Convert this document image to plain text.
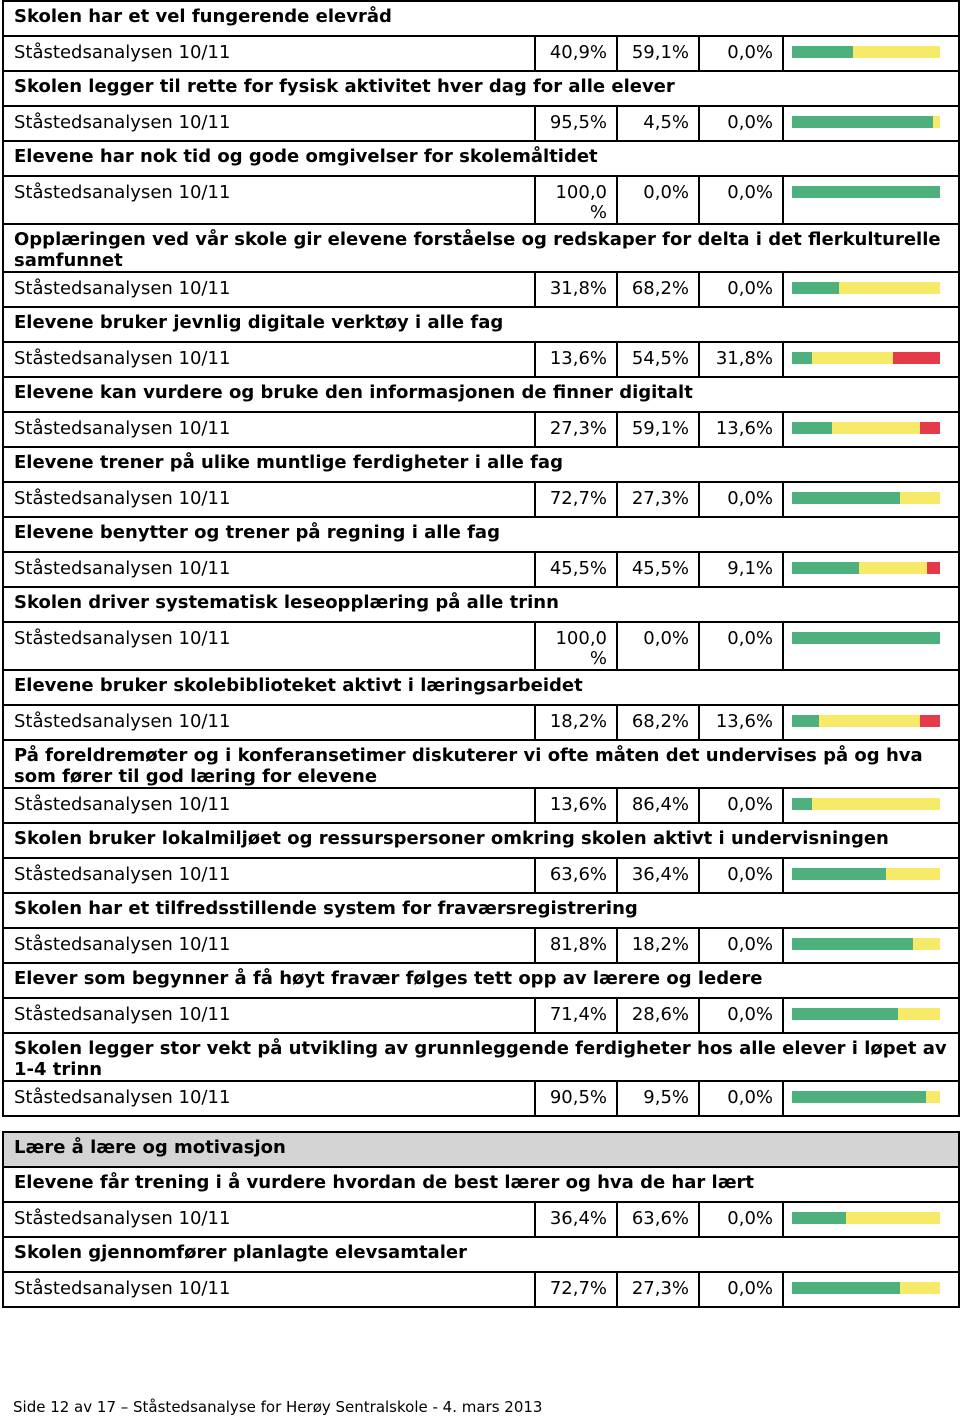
Skolen har et vel fungerende elevråd				
Ståstedsanalysen 10/11	40,9%	59,1%	0,0%	

Skolen legger til rette for fysisk aktivitet hver dag for alle elever				
Ståstedsanalysen 10/11	95,5%	4,5%	0,0%	

Elevene har nok tid og gode omgivelser for skolemåltidet				
Ståstedsanalysen 10/11	100,0 %	0,0%	0,0%	

Opplæringen ved vår skole gir elevene forståelse og redskaper for delta i det flerkulturelle samfunnet				
Ståstedsanalysen 10/11	31,8%	68,2%	0,0%	

Elevene bruker jevnlig digitale verktøy i alle fag				
Ståstedsanalysen 10/11	13,6%	54,5%	31,8%	

Elevene kan vurdere og bruke den informasjonen de finner digitalt				
Ståstedsanalysen 10/11	27,3%	59,1%	13,6%	

Elevene trener på ulike muntlige ferdigheter i alle fag				
Ståstedsanalysen 10/11	72,7%	27,3%	0,0%	

Elevene benytter og trener på regning i alle fag				
Ståstedsanalysen 10/11	45,5%	45,5%	9,1%	

Skolen driver systematisk leseopplæring på alle trinn				
Ståstedsanalysen 10/11	100,0 %	0,0%	0,0%	

Elevene bruker skolebiblioteket aktivt i læringsarbeidet				
Ståstedsanalysen 10/11	18,2%	68,2%	13,6%	

På foreldremøter og i konferansetimer diskuterer vi ofte måten det undervises på og hva som fører til god læring for elevene				
Ståstedsanalysen 10/11	13,6%	86,4%	0,0%	

Skolen bruker lokalmiljøet og ressurspersoner omkring skolen aktivt i undervisningen				
Ståstedsanalysen 10/11	63,6%	36,4%	0,0%	

Skolen har et tilfredsstillende system for fraværsregistrering				
Ståstedsanalysen 10/11	81,8%	18,2%	0,0%	

Elever som begynner å få høyt fravær følges tett opp av lærere og ledere				
Ståstedsanalysen 10/11	71,4%	28,6%	0,0%	

Skolen legger stor vekt på utvikling av grunnleggende ferdigheter hos alle elever i løpet av 1-4 trinn				
Ståstedsanalysen 10/11	90,5%	9,5%	0,0%	
Lære å lære og motivasjon				
Elevene får trening i å vurdere hvordan de best lærer og hva de har lært				
Ståstedsanalysen 10/11	36,4%	63,6%	0,0%	

Skolen gjennomfører planlagte elevsamtaler				
Ståstedsanalysen 10/11	72,7%	27,3%	0,0%	
Side 12 av 17 – Ståstedsanalyse for Herøy Sentralskole - 4. mars 2013
